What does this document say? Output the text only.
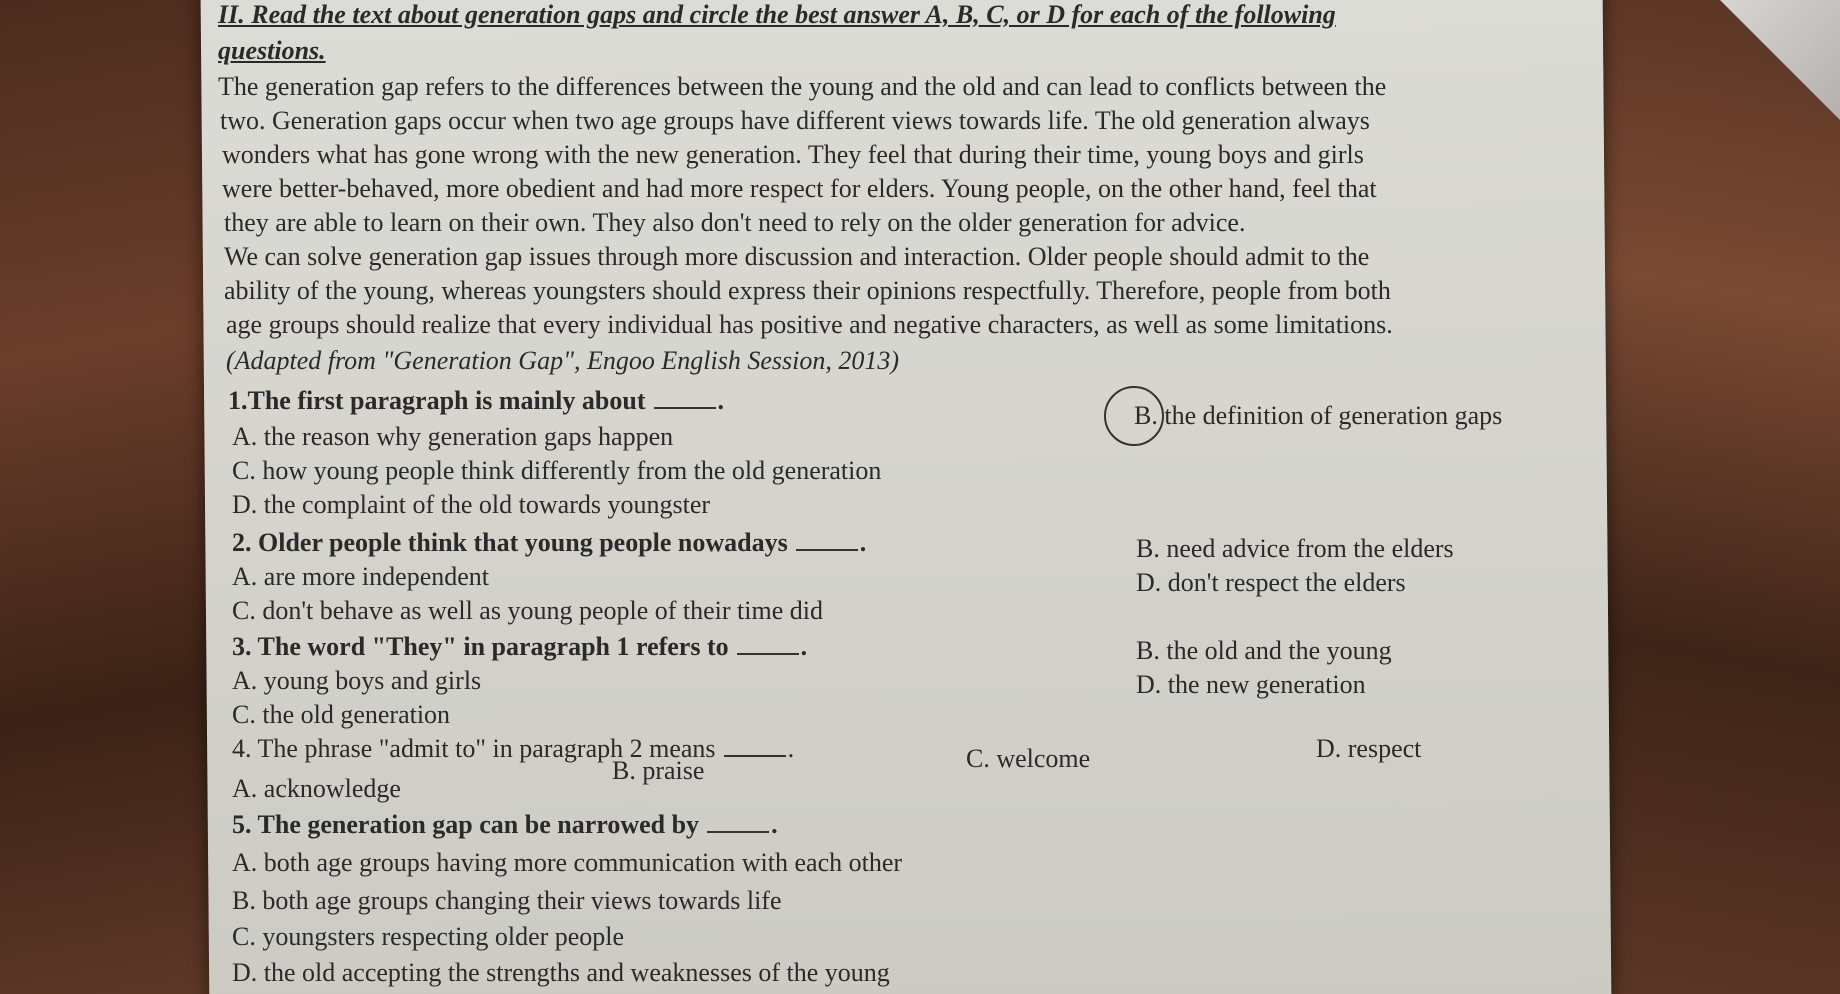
II. Read the text about generation gaps and circle the best answer A, B, C, or D for each of the following
questions.
The generation gap refers to the differences between the young and the old and can lead to conflicts between the
two. Generation gaps occur when two age groups have different views towards life. The old generation always
wonders what has gone wrong with the new generation. They feel that during their time, young boys and girls
were better-behaved, more obedient and had more respect for elders. Young people, on the other hand, feel that
they are able to learn on their own. They also don't need to rely on the older generation for advice.
We can solve generation gap issues through more discussion and interaction. Older people should admit to the
ability of the young, whereas youngsters should express their opinions respectfully. Therefore, people from both
age groups should realize that every individual has positive and negative characters, as well as some limitations.
(Adapted from "Generation Gap", Engoo English Session, 2013)
1.The first paragraph is mainly about	.
A. the reason why generation gaps happen
B. the definition of generation gaps
C. how young people think differently from the old generation
D. the complaint of the old towards youngster
2. Older people think that young people nowadays	.	B. need advice from the elders
A. are more independent	D. don't respect the elders
C. don't behave as well as young people of their time did
3. The word "They" in paragraph 1 refers to	.	B. the old and the young
A. young boys and girls	D. the new generation
C. the old generation
4. The phrase "admit to" in paragraph 2 means	.
A. acknowledge
B. praise	C. welcome	D. respect
5. The generation gap can be narrowed by	.
A. both age groups having more communication with each other
B. both age groups changing their views towards life
C. youngsters respecting older people
D. the old accepting the strengths and weaknesses of the young
